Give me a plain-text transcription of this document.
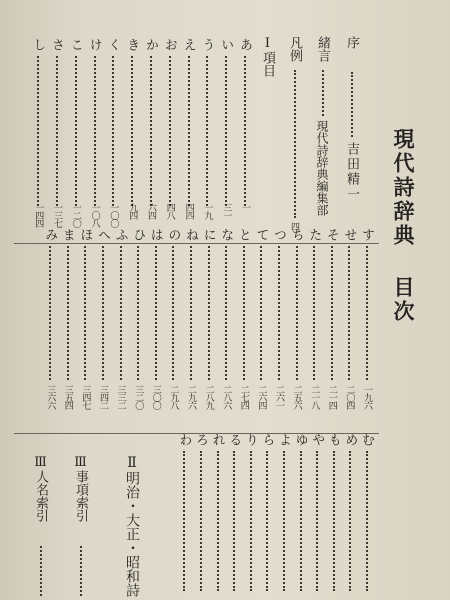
現代詩辞典 目次
序
吉田精一
緒言
現代詩辞典編集部
凡例
四
Ⅰ項目
あ
一
い
三一
う
一九
え
四四
お
四八
か
六四
き
九四
く
一〇〇
け
一〇八
こ
一二〇
さ
一三七
し
一四四
す
一九六
せ
二〇四
そ
二一四
た
二一八
ち
二五六
つ
二六一
て
二六四
と
二七四
な
二八六
に
二八九
ね
二九六
の
二九八
は
三〇〇
ひ
三二〇
ふ
三三二
へ
三四二
ほ
三四七
ま
三五四
み
三六六
む
め
も
や
ゆ
よ
ら
り
る
れ
ろ
わ
Ⅱ明治・大正・昭和詩
Ⅲ事項索引
Ⅲ人名索引
